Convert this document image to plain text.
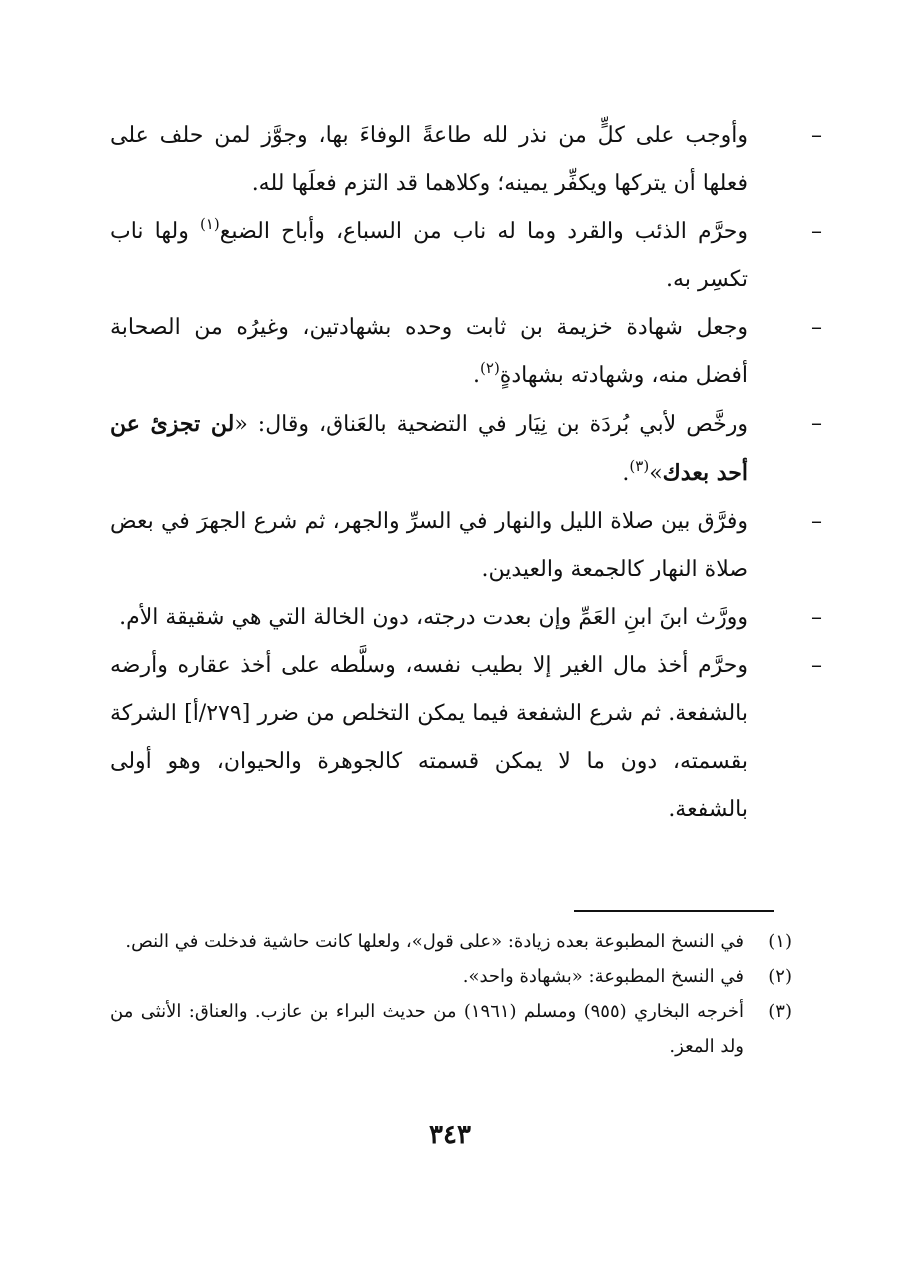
–
وأوجب على كلٍّ من نذر لله طاعةً الوفاءَ بها، وجوَّز لمن حلف على فعلها أن يتركها ويكفِّر يمينه؛ وكلاهما قد التزم فعلَها لله.
–
وحرَّم الذئب والقرد وما له ناب من السباع، وأباح الضبع$^{(١)}$ ولها ناب تكسِر به.
–
وجعل شهادة خزيمة بن ثابت وحده بشهادتين، وغيرُه من الصحابة أفضل منه، وشهادته بشهادةٍ$^{(٢)}$.
–
ورخَّص لأبي بُردَة بن نِيَار في التضحية بالعَناق، وقال: «لن تجزئ عن أحد بعدك»$^{(٣)}$.
–
وفرَّق بين صلاة الليل والنهار في السرِّ والجهر، ثم شرع الجهرَ في بعض صلاة النهار كالجمعة والعيدين.
–
وورَّث ابنَ ابنِ العَمِّ وإن بعدت درجته، دون الخالة التي هي شقيقة الأم.
–
وحرَّم أخذ مال الغير إلا بطيب نفسه، وسلَّطه على أخذ عقاره وأرضه بالشفعة. ثم شرع الشفعة فيما يمكن التخلص من ضرر [٢٧٩/أ] الشركة بقسمته، دون ما لا يمكن قسمته كالجوهرة والحيوان، وهو أولى بالشفعة.
(١)
في النسخ المطبوعة بعده زيادة: «على قول»، ولعلها كانت حاشية فدخلت في النص.
(٢)
في النسخ المطبوعة: «بشهادة واحد».
(٣)
أخرجه البخاري (٩٥٥) ومسلم (١٩٦١) من حديث البراء بن عازب. والعناق: الأنثى من ولد المعز.
٣٤٣
